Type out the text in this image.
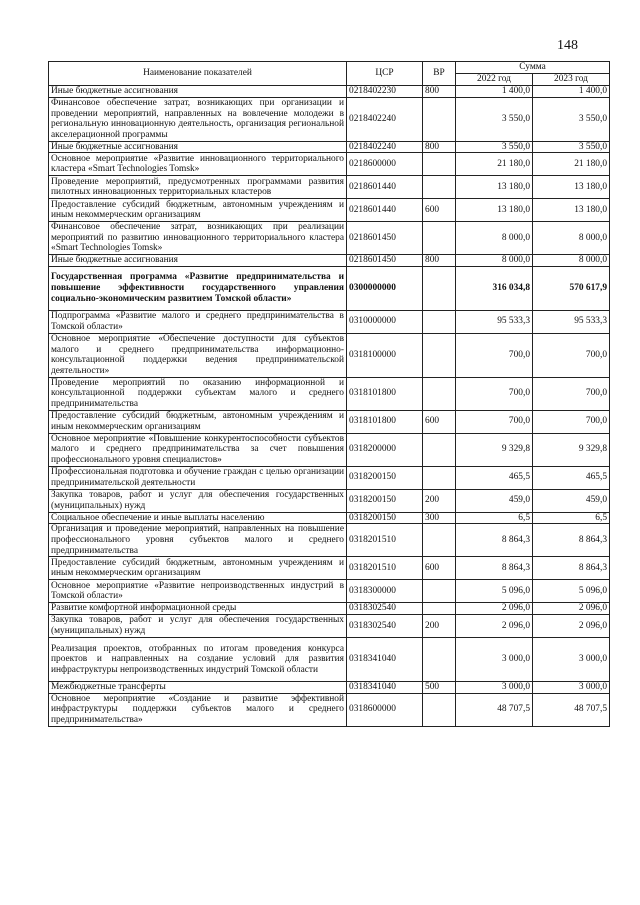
148
Наименование показателей	ЦСР	ВР	Сумма	
			2022 год	2023 год
Иные бюджетные ассигнования	0218402230	800	1 400,0	1 400,0
Финансовое обеспечение затрат, возникающих при организации и проведении мероприятий, направленных на вовлечение молодежи в региональную инновационную деятельность, организация региональной акселерационной программы	0218402240		3 550,0	3 550,0
Иные бюджетные ассигнования	0218402240	800	3 550,0	3 550,0
Основное мероприятие «Развитие инновационного территориального кластера «Smart Technologies Tomsk»	0218600000		21 180,0	21 180,0
Проведение мероприятий, предусмотренных программами развития пилотных инновационных территориальных кластеров	0218601440		13 180,0	13 180,0
Предоставление субсидий бюджетным, автономным учреждениям и иным некоммерческим организациям	0218601440	600	13 180,0	13 180,0
Финансовое обеспечение затрат, возникающих при реализации мероприятий по развитию инновационного территориального кластера «Smart Technologies Tomsk»	0218601450		8 000,0	8 000,0
Иные бюджетные ассигнования	0218601450	800	8 000,0	8 000,0
Государственная программа «Развитие предпринимательства и повышение эффективности государственного управления социально-экономическим развитием Томской области»	0300000000		316 034,8	570 617,9
Подпрограмма «Развитие малого и среднего предпринимательства в Томской области»	0310000000		95 533,3	95 533,3
Основное мероприятие «Обеспечение доступности для субъектов малого и среднего предпринимательства информационно-консультационной поддержки ведения предпринимательской деятельности»	0318100000		700,0	700,0
Проведение мероприятий по оказанию информационной и консультационной поддержки субъектам малого и среднего предпринимательства	0318101800		700,0	700,0
Предоставление субсидий бюджетным, автономным учреждениям и иным некоммерческим организациям	0318101800	600	700,0	700,0
Основное мероприятие «Повышение конкурентоспособности субъектов малого и среднего предпринимательства за счет повышения профессионального уровня специалистов»	0318200000		9 329,8	9 329,8
Профессиональная подготовка и обучение граждан с целью организации предпринимательской деятельности	0318200150		465,5	465,5
Закупка товаров, работ и услуг для обеспечения государственных (муниципальных) нужд	0318200150	200	459,0	459,0
Социальное обеспечение и иные выплаты населению	0318200150	300	6,5	6,5
Организация и проведение мероприятий, направленных на повышение профессионального уровня субъектов малого и среднего предпринимательства	0318201510		8 864,3	8 864,3
Предоставление субсидий бюджетным, автономным учреждениям и иным некоммерческим организациям	0318201510	600	8 864,3	8 864,3
Основное мероприятие «Развитие непроизводственных индустрий в Томской области»	0318300000		5 096,0	5 096,0
Развитие комфортной информационной среды	0318302540		2 096,0	2 096,0
Закупка товаров, работ и услуг для обеспечения государственных (муниципальных) нужд	0318302540	200	2 096,0	2 096,0
Реализация проектов, отобранных по итогам проведения конкурса проектов и направленных на создание условий для развития инфраструктуры непроизводственных индустрий Томской области	0318341040		3 000,0	3 000,0
Межбюджетные трансферты	0318341040	500	3 000,0	3 000,0
Основное мероприятие «Создание и развитие эффективной инфраструктуры поддержки субъектов малого и среднего предпринимательства»	0318600000		48 707,5	48 707,5
